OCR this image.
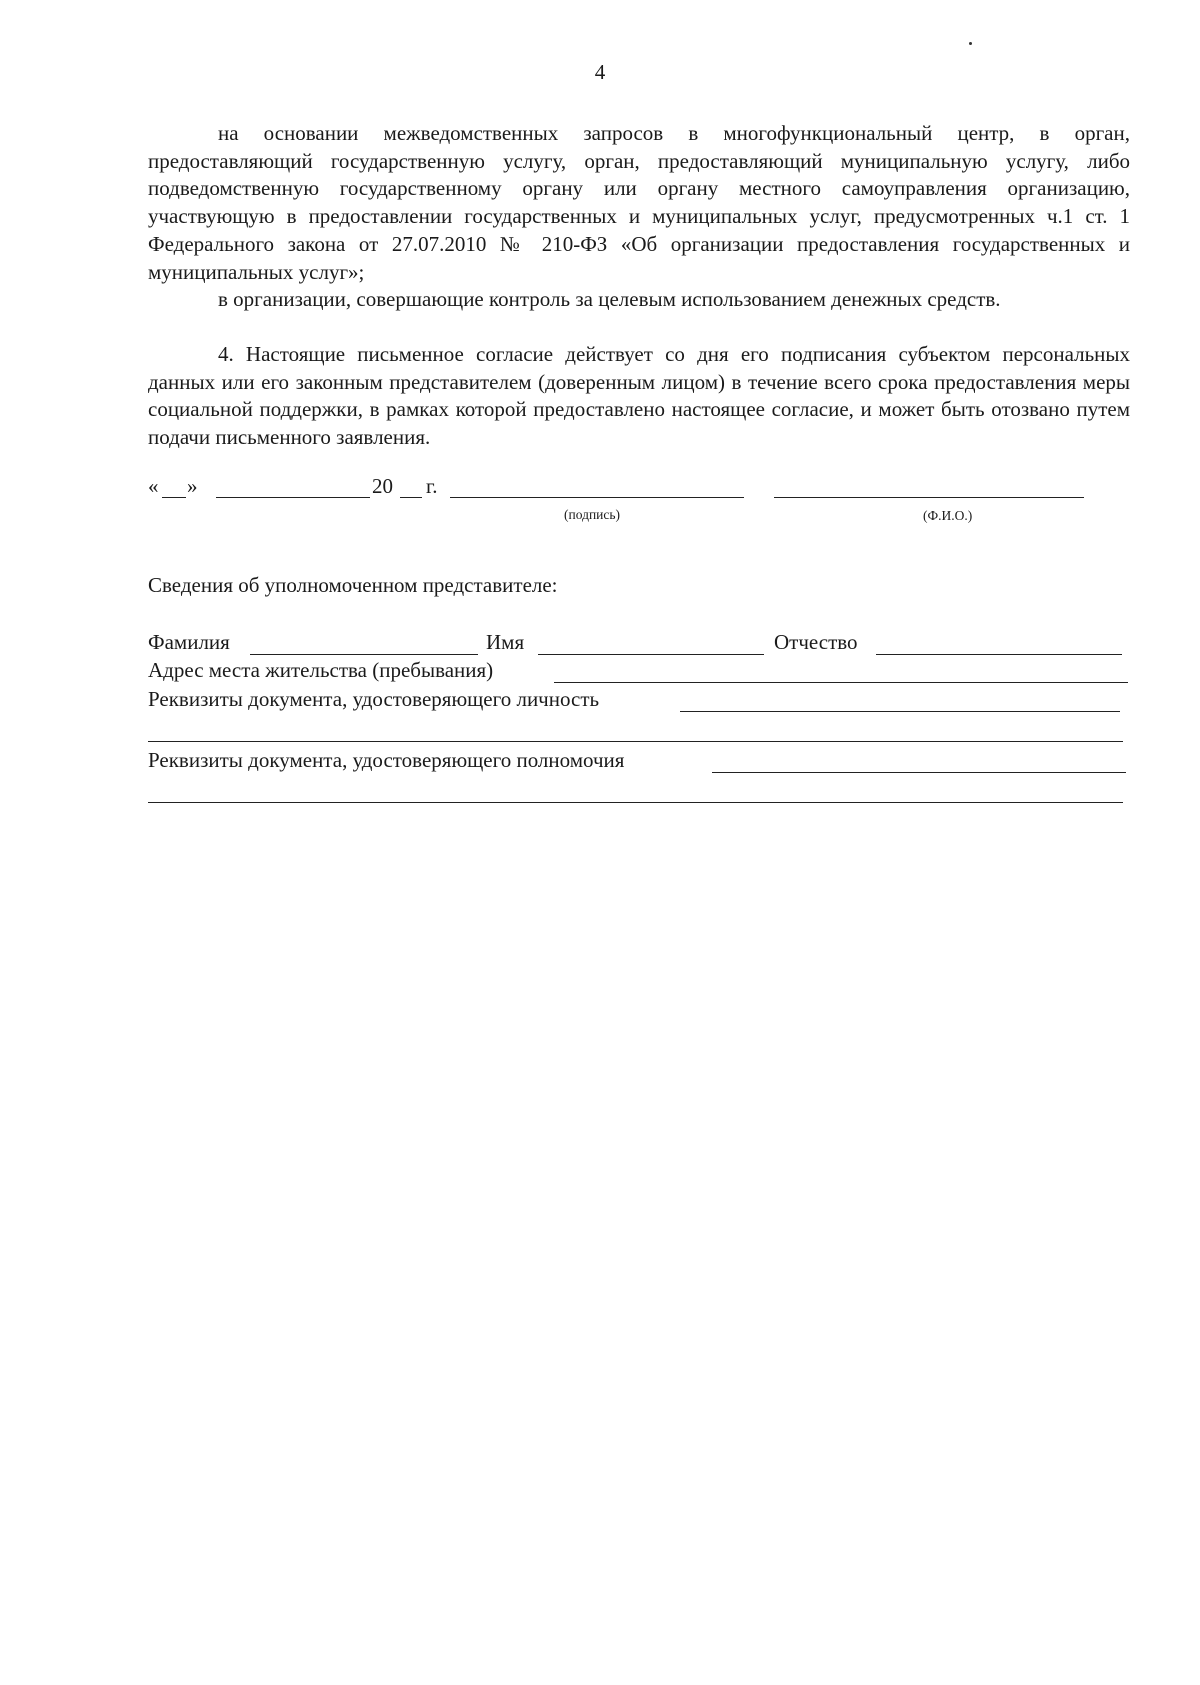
4

на основании межведомственных запросов в многофункциональный центр, в орган, предоставляющий государственную услугу, орган, предоставляющий муниципальную услугу, либо подведомственную государственному органу или органу местного самоуправления организацию, участвующую в предоставлении государственных и муниципальных услуг, предусмотренных ч.1 ст. 1 Федерального закона от 27.07.2010 № 210-ФЗ «Об организации предоставления государственных и муниципальных услуг»;

в организации, совершающие контроль за целевым использованием денежных средств.

4. Настоящие письменное согласие действует со дня его подписания субъектом персональных данных или его законным представителем (доверенным лицом) в течение всего срока предоставления меры социальной поддержки, в рамках которой предоставлено настоящее согласие, и может быть отозвано путем подачи письменного заявления.

« »	20 г.
(подпись)	(Ф.И.О.)
Сведения об уполномоченном представителе:
Фамилия	Имя	Отчество
Адрес места жительства (пребывания)
Реквизиты документа, удостоверяющего личность
Реквизиты документа, удостоверяющего полномочия
